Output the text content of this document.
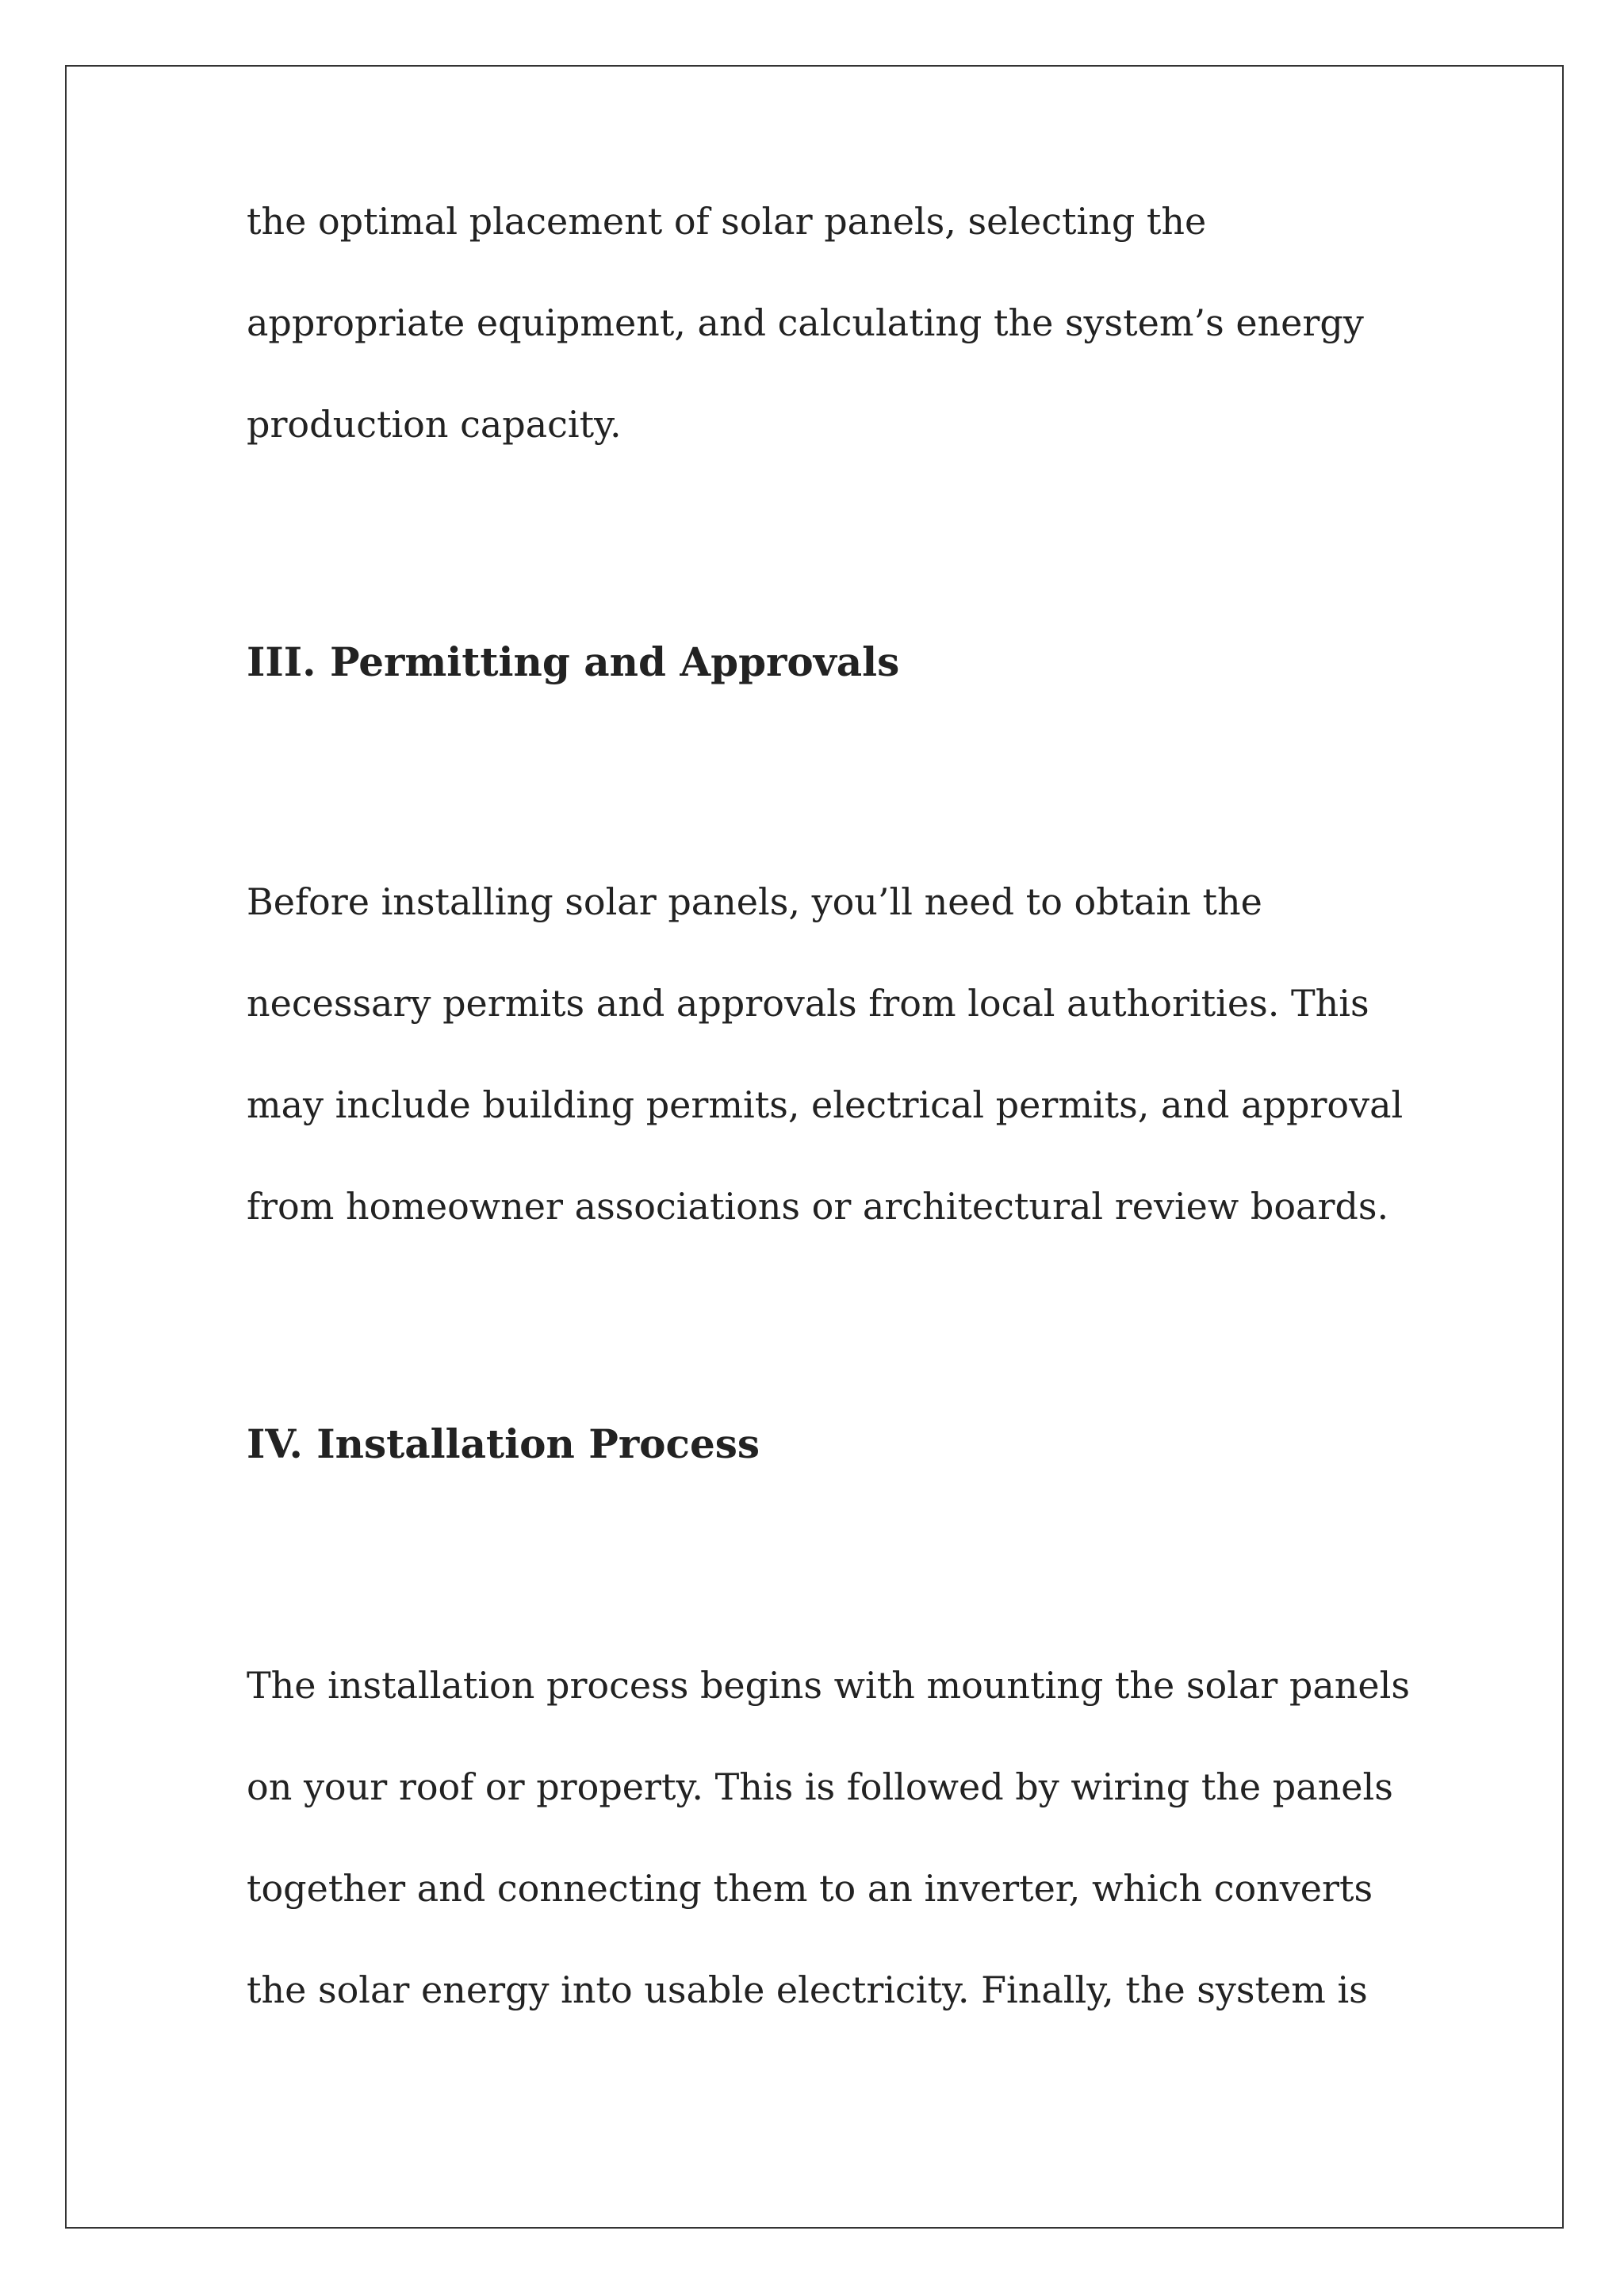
the optimal placement of solar panels, selecting the

appropriate equipment, and calculating the system’s energy

production capacity.

III. Permitting and Approvals

Before installing solar panels, you’ll need to obtain the

necessary permits and approvals from local authorities. This

may include building permits, electrical permits, and approval

from homeowner associations or architectural review boards.

IV. Installation Process

The installation process begins with mounting the solar panels

on your roof or property. This is followed by wiring the panels

together and connecting them to an inverter, which converts

the solar energy into usable electricity. Finally, the system is
